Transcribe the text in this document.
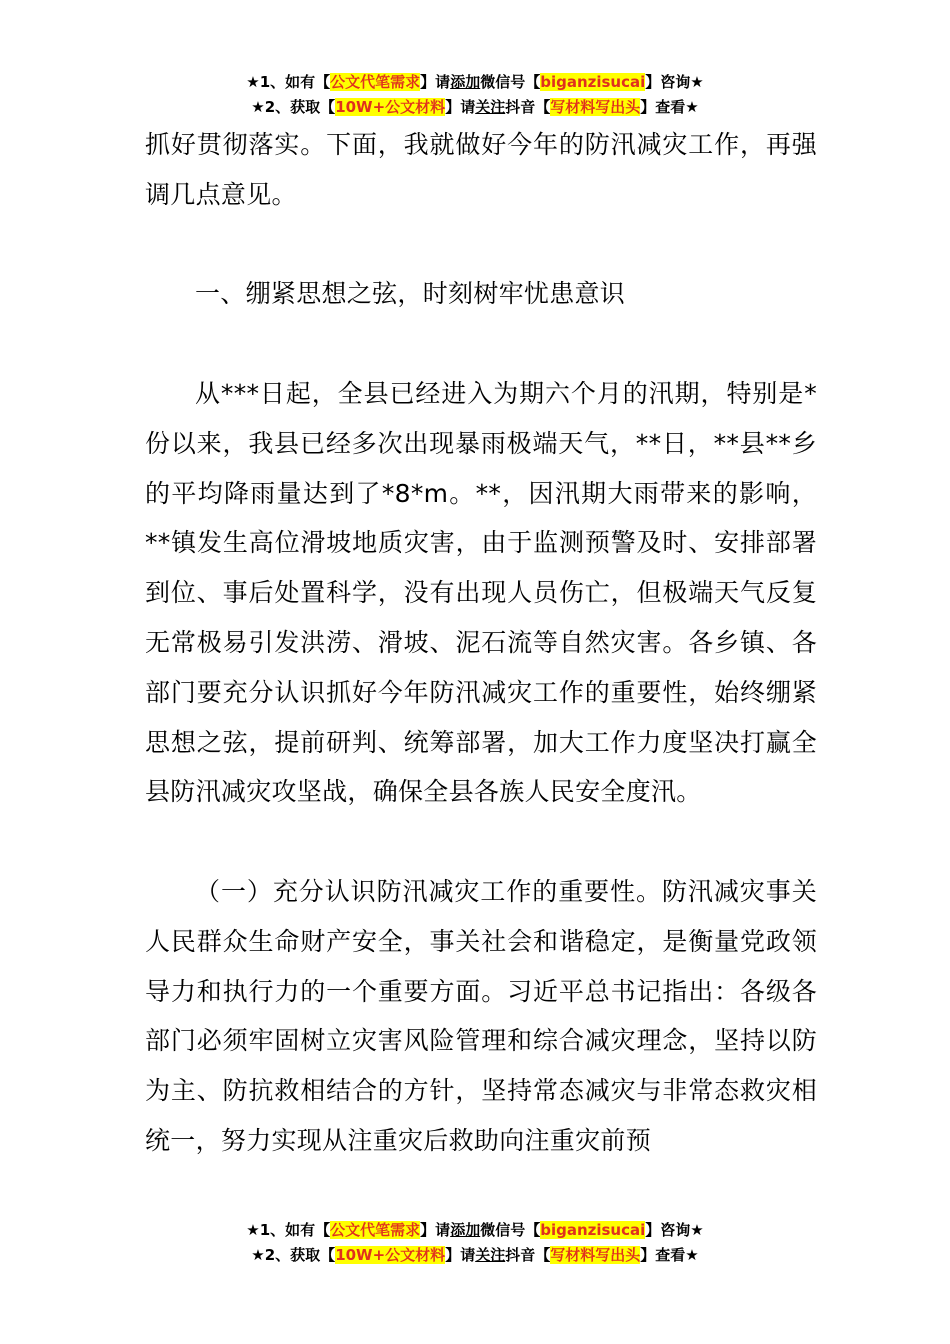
★1、如有【公文代笔需求】请添加微信号【biganzisucai】咨询★
★2、获取【10W+公文材料】请关注抖音【写材料写出头】查看★

抓好贯彻落实。下面，我就做好今年的防汛减灾工作，再强调几点意见。

一、绷紧思想之弦，时刻树牢忧患意识

从***日起，全县已经进入为期六个月的汛期，特别是*份以来，我县已经多次出现暴雨极端天气，**日，**县**乡的平均降雨量达到了*8*m。**，因汛期大雨带来的影响，**镇发生高位滑坡地质灾害，由于监测预警及时、安排部署到位、事后处置科学，没有出现人员伤亡，但极端天气反复无常极易引发洪涝、滑坡、泥石流等自然灾害。各乡镇、各部门要充分认识抓好今年防汛减灾工作的重要性，始终绷紧思想之弦，提前研判、统筹部署，加大工作力度坚决打赢全县防汛减灾攻坚战，确保全县各族人民安全度汛。

（一）充分认识防汛减灾工作的重要性。防汛减灾事关人民群众生命财产安全，事关社会和谐稳定，是衡量党政领导力和执行力的一个重要方面。习近平总书记指出：各级各部门必须牢固树立灾害风险管理和综合减灾理念，坚持以防为主、防抗救相结合的方针，坚持常态减灾与非常态救灾相统一，努力实现从注重灾后救助向注重灾前预

★1、如有【公文代笔需求】请添加微信号【biganzisucai】咨询★
★2、获取【10W+公文材料】请关注抖音【写材料写出头】查看★
